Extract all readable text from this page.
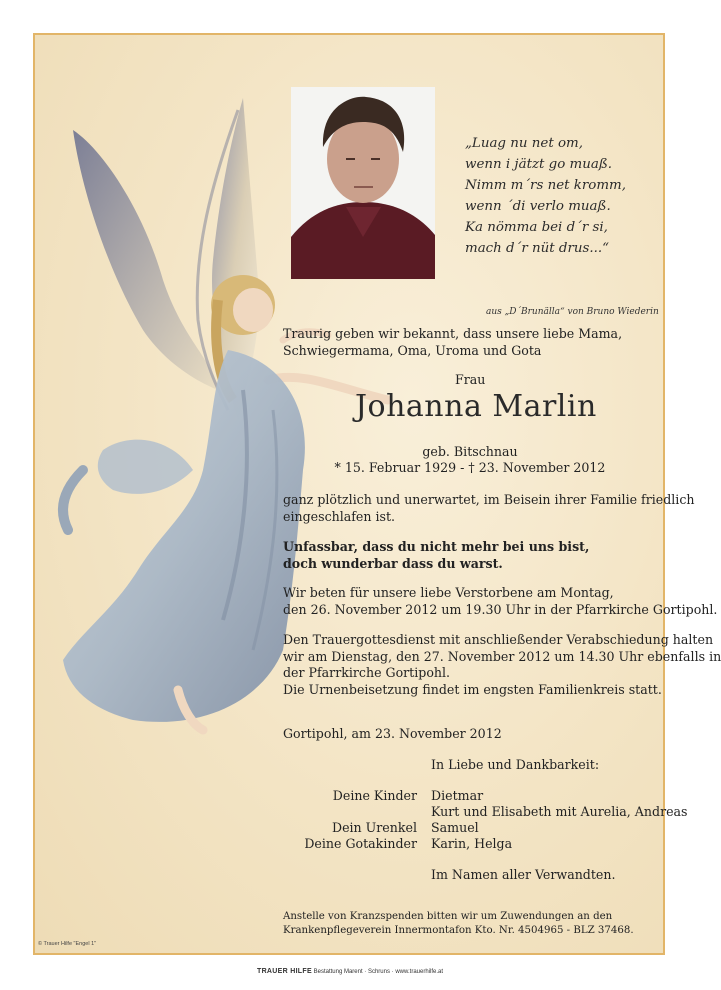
„Luag nu net om,
wenn i jätzt go muaß.
Nimm m´rs net kromm,
wenn ´di verlo muaß.
Ka nömma bei d´r si,
mach d´r nüt drus...“
aus „D´Brunälla“ von Bruno Wiederin
Traurig geben wir bekannt, dass unsere liebe Mama,
Schwiegermama, Oma, Uroma und Gota
Frau
Johanna Marlin
geb. Bitschnau
* 15. Februar 1929 - † 23. November 2012
ganz plötzlich und unerwartet, im Beisein ihrer Familie friedlich
eingeschlafen ist.
Unfassbar, dass du nicht mehr bei uns bist,
doch wunderbar dass du warst.
Wir beten für unsere liebe Verstorbene am Montag,
den 26. November 2012 um 19.30 Uhr in der Pfarrkirche Gortipohl.
Den Trauergottesdienst mit anschließender Verabschiedung halten
wir am Dienstag, den 27. November 2012 um 14.30 Uhr ebenfalls in
der Pfarrkirche Gortipohl.
Die Urnenbeisetzung findet im engsten Familienkreis statt.
Gortipohl, am 23. November 2012
In Liebe und Dankbarkeit:
Deine Kinder Dietmar
Kurt und Elisabeth mit Aurelia, Andreas
Dein Urenkel Samuel
Deine Gotakinder Karin, Helga
Im Namen aller Verwandten.
Anstelle von Kranzspenden bitten wir um Zuwendungen an den
Krankenpflegeverein Innermontafon Kto. Nr. 4504965 - BLZ 37468.
© Trauer Hilfe "Engel 1"
TRAUER HILFE Bestattung Marent · Schruns · www.trauerhilfe.at
